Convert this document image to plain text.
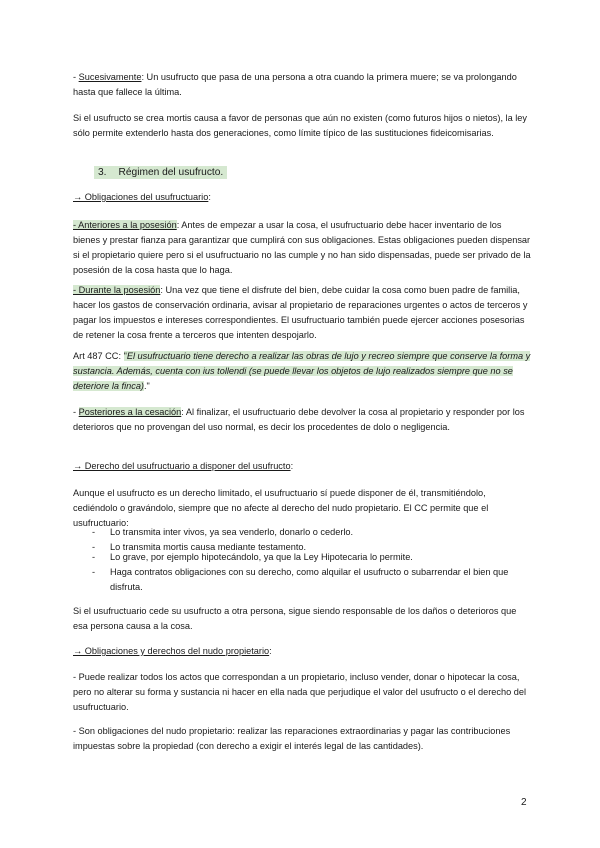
- Sucesivamente: Un usufructo que pasa de una persona a otra cuando la primera muere; se va prolongando hasta que fallece la última.

Si el usufructo se crea mortis causa a favor de personas que aún no existen (como futuros hijos o nietos), la ley sólo permite extenderlo hasta dos generaciones, como límite típico de las sustituciones fideicomisarias.

3. Régimen del usufructo.

→ Obligaciones del usufructuario:

- Anteriores a la posesión: Antes de empezar a usar la cosa, el usufructuario debe hacer inventario de los bienes y prestar fianza para garantizar que cumplirá con sus obligaciones. Estas obligaciones pueden dispensar si el propietario quiere pero si el usufructuario no las cumple y no han sido dispensadas, puede ser privado de la posesión de la cosa hasta que lo haga.

- Durante la posesión: Una vez que tiene el disfrute del bien, debe cuidar la cosa como buen padre de familia, hacer los gastos de conservación ordinaria, avisar al propietario de reparaciones urgentes o actos de terceros y pagar los impuestos e intereses correspondientes. El usufructuario también puede ejercer acciones posesorias de retener la cosa frente a terceros que intenten despojarlo.

Art 487 CC: "El usufructuario tiene derecho a realizar las obras de lujo y recreo siempre que conserve la forma y sustancia. Además, cuenta con ius tollendi (se puede llevar los objetos de lujo realizados siempre que no se deteriore la finca)."

- Posteriores a la cesación: Al finalizar, el usufructuario debe devolver la cosa al propietario y responder por los deterioros que no provengan del uso normal, es decir los procedentes de dolo o negligencia.

→ Derecho del usufructuario a disponer del usufructo:

Aunque el usufructo es un derecho limitado, el usufructuario sí puede disponer de él, transmitiéndolo, cediéndolo o gravándolo, siempre que no afecte al derecho del nudo propietario. El CC permite que el usufructuario:

- Lo transmita inter vivos, ya sea venderlo, donarlo o cederlo.
- Lo transmita mortis causa mediante testamento.
- Lo grave, por ejemplo hipotecándolo, ya que la Ley Hipotecaria lo permite.
- Haga contratos obligaciones con su derecho, como alquilar el usufructo o subarrendar el bien que disfruta.

Si el usufructuario cede su usufructo a otra persona, sigue siendo responsable de los daños o deterioros que esa persona causa a la cosa.

→ Obligaciones y derechos del nudo propietario:

- Puede realizar todos los actos que correspondan a un propietario, incluso vender, donar o hipotecar la cosa, pero no alterar su forma y sustancia ni hacer en ella nada que perjudique el valor del usufructo o el derecho del usufructuario.

- Son obligaciones del nudo propietario: realizar las reparaciones extraordinarias y pagar las contribuciones impuestas sobre la propiedad (con derecho a exigir el interés legal de las cantidades).

2
